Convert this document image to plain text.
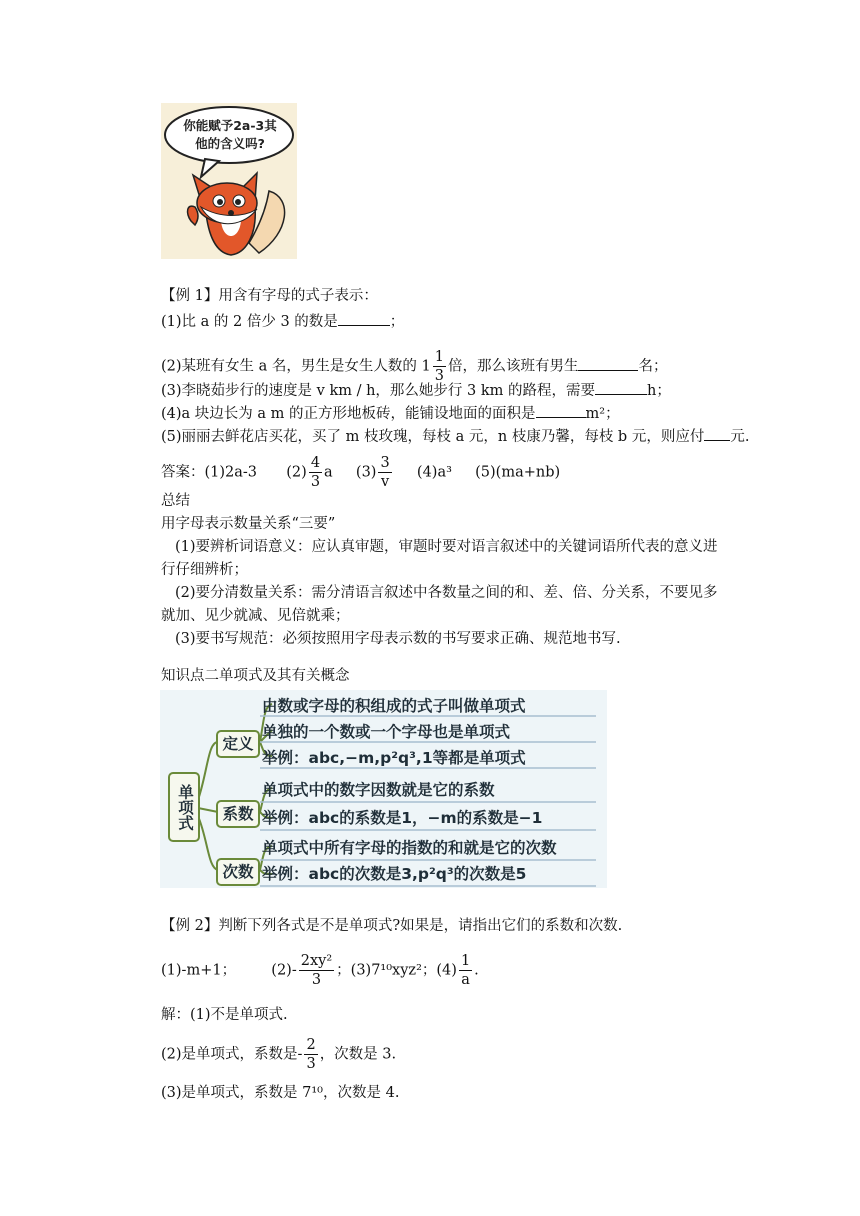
你能赋予2a-3其他的含义吗?
【例 1】用含有字母的式子表示：
(1)比 a 的 2 倍少 3 的数是	；
(2)某班有女生 a 名，男生是女生人数的 $1 \frac{1}{3}$ 倍，那么该班有男生	名；
(3)李晓茹步行的速度是 v km / h，那么她步行 3 km 的路程，需要	h；
(4)a 块边长为 a m 的正方形地板砖，能铺设地面的面积是	m²；
(5)丽丽去鲜花店买花，买了 m 枝玫瑰，每枝 a 元，n 枝康乃馨，每枝 b 元，则应付 元.
答案：(1)2a-3 $(2) \frac{4}{3}$ a $(3) \frac{3}{v} (4)a^3$ (5)(ma+nb)
总结
用字母表示数量关系“三要”
(1)要辨析词语意义：应认真审题，审题时要对语言叙述中的关键词语所代表的意义进
行仔细辨析；
(2)要分清数量关系：需分清语言叙述中各数量之间的和、差、倍、分关系，不要见多
就加、见少就减、见倍就乘；
(3)要书写规范：必须按照用字母表示数的书写要求正确、规范地书写.
知识点二单项式及其有关概念
单项式
定义
系数
次数
由数或字母的积组成的式子叫做单项式
单独的一个数或一个字母也是单项式
举例：abc,−m,p²q³,1等都是单项式
单项式中的数字因数就是它的系数
举例：abc的系数是1，−m的系数是−1
单项式中所有字母的指数的和就是它的次数
举例：abc的次数是3,p²q³的次数是5
【例 2】判断下列各式是不是单项式?如果是，请指出它们的系数和次数.
(1)-m+1； $(2)- \frac{\text{2xy²}}{3}$ ；(3)7¹⁰xyz²；$(4) \frac{1}{a}$ .
解：(1)不是单项式.
(2)是单项式，系数是- $\frac{2}{3}$ ，次数是 3.
(3)是单项式，系数是 7¹⁰，次数是 4.
